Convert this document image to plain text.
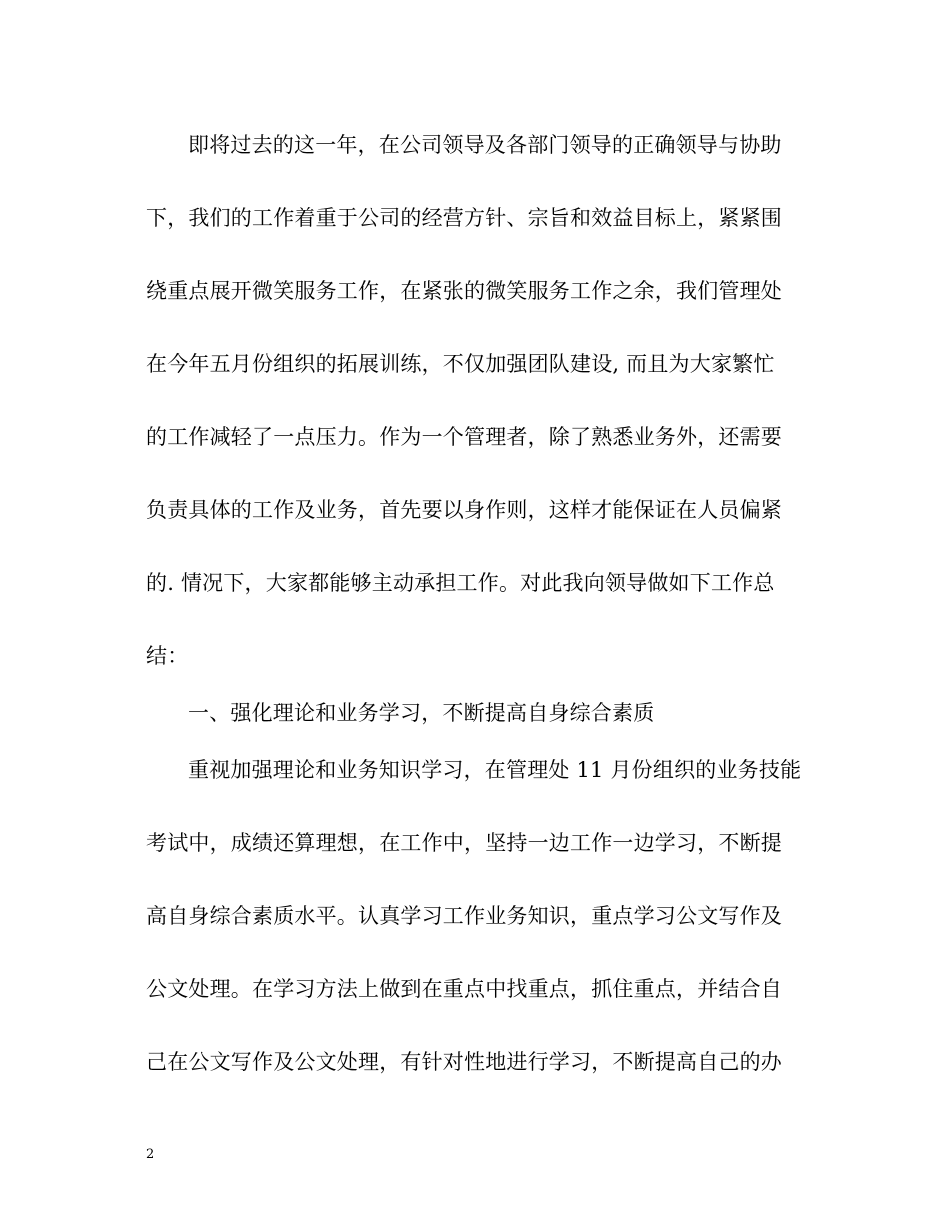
即将过去的这一年，在公司领导及各部门领导的正确领导与协助
下，我们的工作着重于公司的经营方针、宗旨和效益目标上，紧紧围
绕重点展开微笑服务工作，在紧张的微笑服务工作之余，我们管理处
在今年五月份组织的拓展训练，不仅加强团队建设, 而且为大家繁忙
的工作减轻了一点压力。作为一个管理者，除了熟悉业务外，还需要
负责具体的工作及业务，首先要以身作则，这样才能保证在人员偏紧
的. 情况下，大家都能够主动承担工作。对此我向领导做如下工作总
结：
一、强化理论和业务学习，不断提高自身综合素质
重视加强理论和业务知识学习，在管理处 11 月份组织的业务技能
考试中，成绩还算理想，在工作中，坚持一边工作一边学习，不断提
高自身综合素质水平。认真学习工作业务知识，重点学习公文写作及
公文处理。在学习方法上做到在重点中找重点，抓住重点，并结合自
己在公文写作及公文处理，有针对性地进行学习，不断提高自己的办
2
